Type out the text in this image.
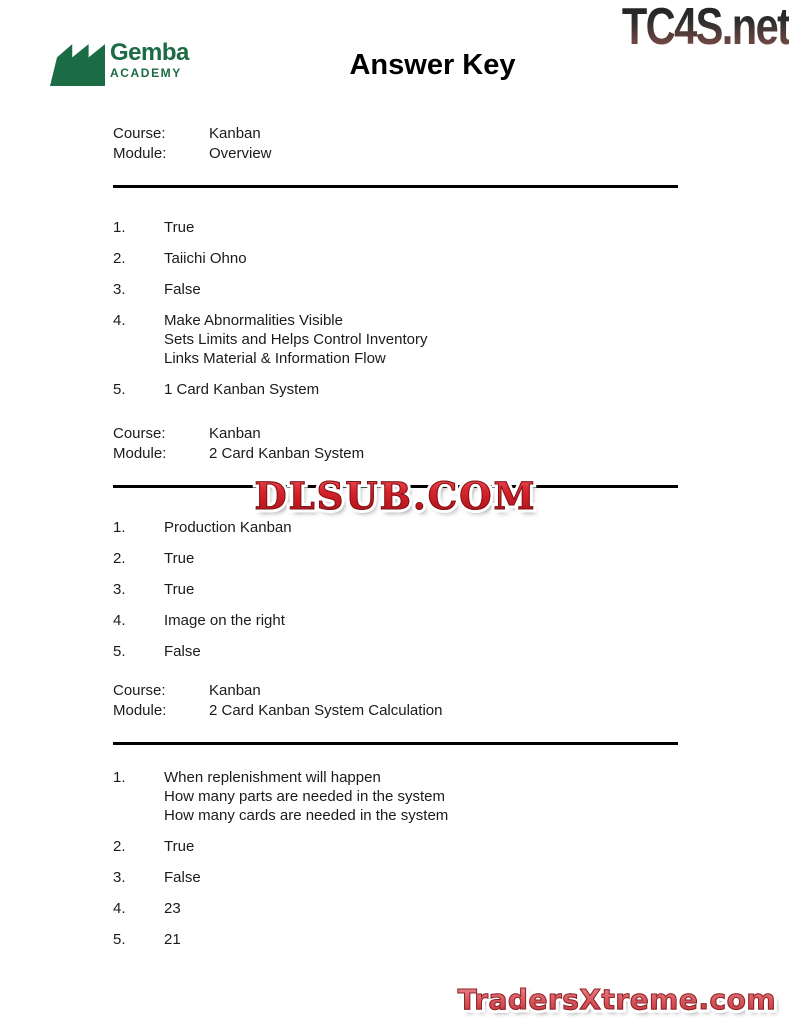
TC4S.net
Gemba
ACADEMY	Answer Key
Course:	Kanban
Module:	Overview
1.	True
2.	Taiichi Ohno
3.	False
4.	Make Abnormalities Visible
Sets Limits and Helps Control Inventory
Links Material & Information Flow
5.	1 Card Kanban System
Course:	Kanban
Module:	2 Card Kanban System
DLSUB.COM DLSUB.COM
1.	Production Kanban
2.	True
3.	True
4.	Image on the right
5.	False
Course:	Kanban
Module:	2 Card Kanban System Calculation
1.	When replenishment will happen
How many parts are needed in the system
How many cards are needed in the system
2.	True
3.	False
4.	23
5.	21
TradersXtreme.com TradersXtreme.com
